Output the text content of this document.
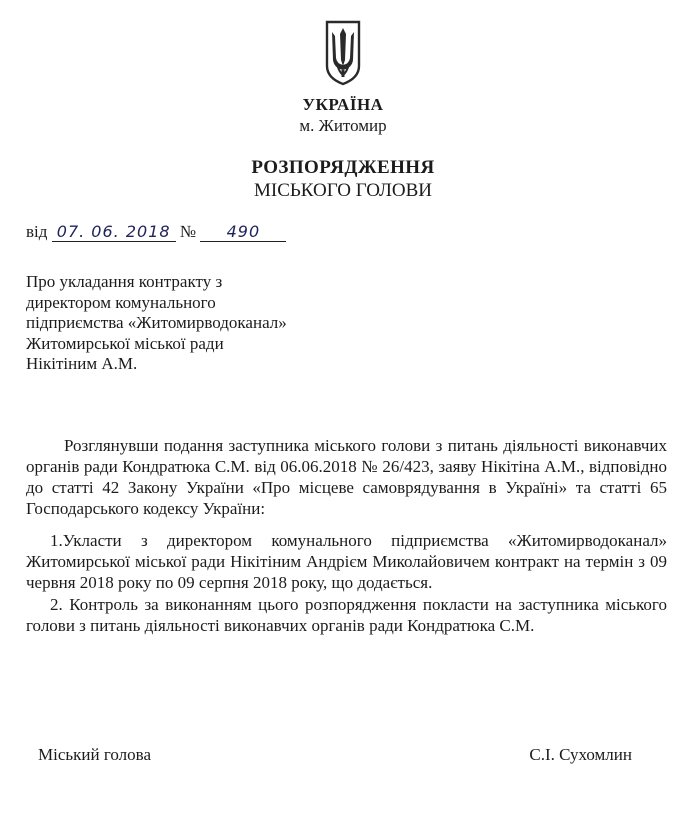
УКРАЇНА
м. Житомир
РОЗПОРЯДЖЕННЯ
МІСЬКОГО ГОЛОВИ
від 07. 06. 2018 № 490
Про укладання контракту з
директором комунального
підприємства «Житомирводоканал»
Житомирської міської ради
Нікітіним А.М.
Розглянувши подання заступника міського голови з питань діяльності виконавчих органів ради Кондратюка С.М. від 06.06.2018 № 26/423, заяву Нікітіна А.М., відповідно до статті 42 Закону України «Про місцеве самоврядування в Україні» та статті 65 Господарського кодексу України:
1.Укласти з директором комунального підприємства «Житомирводоканал» Житомирської міської ради Нікітіним Андрієм Миколайовичем контракт на термін з 09 червня 2018 року по 09 серпня 2018 року, що додається.
2. Контроль за виконанням цього розпорядження покласти на заступника міського голови з питань діяльності виконавчих органів ради Кондратюка С.М.
Міський голова	С.І. Сухомлин
